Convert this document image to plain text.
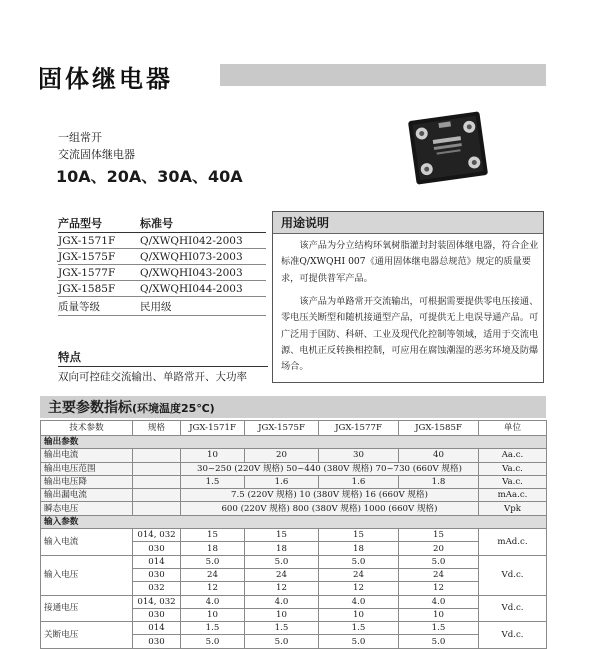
固体继电器
一组常开
交流固体继电器
10A、20A、30A、40A
产品型号	标准号
JGX-1571F	Q/XWQHI042-2003
JGX-1575F	Q/XWQHI073-2003
JGX-1577F	Q/XWQHI043-2003
JGX-1585F	Q/XWQHI044-2003
质量等级	民用级
特点
双向可控硅交流输出、单路常开、大功率
用途说明
该产品为分立结构环氧树脂灌封封装固体继电器，符合企业标准Q/XWQHI 007《通用固体继电器总规范》规定的质量要求，可提供普军产品。
该产品为单路常开交流输出，可根据需要提供零电压接通、零电压关断型和随机接通型产品，可提供无上电误导通产品。可广泛用于国防、科研、工业及现代化控制等领域，适用于交流电源、电机正反转换相控制，可应用在腐蚀潮湿的恶劣环境及防爆场合。
主要参数指标(环境温度25℃)
技术参数	规格	JGX-1571F	JGX-1575F	JGX-1577F	JGX-1585F	单位
输出参数						
输出电流		10	20	30	40	Aa.c.
输出电压范围		30~250 (220V 规格) 50~440 (380V 规格) 70~730 (660V 规格)				Va.c.
输出电压降		1.5	1.6	1.6	1.8	Va.c.
输出漏电流		7.5 (220V 规格) 10 (380V 规格) 16 (660V 规格)				mAa.c.
瞬态电压		600 (220V 规格) 800 (380V 规格) 1000 (660V 规格)				Vpk
输入参数						
输入电流	014, 032	15	15	15	15	mAd.c.
	030	18	18	18	20	
输入电压	014	5.0	5.0	5.0	5.0	Vd.c.
	030	24	24	24	24	
	032	12	12	12	12	
接通电压	014, 032	4.0	4.0	4.0	4.0	Vd.c.
	030	10	10	10	10	
关断电压	014	1.5	1.5	1.5	1.5	Vd.c.
	030	5.0	5.0	5.0	5.0	
